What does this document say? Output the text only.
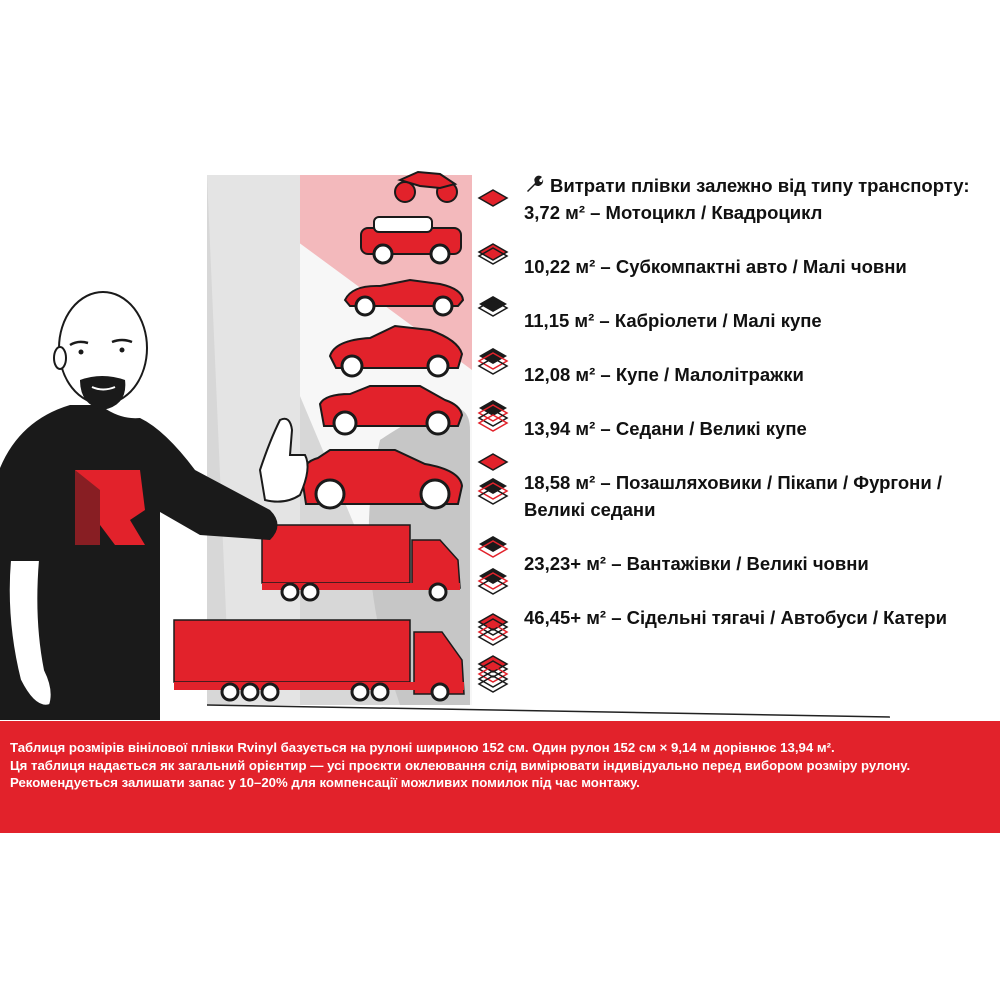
Витрати плівки залежно від типу транспорту:
3,72 м² – Мотоцикл / Квадроцикл
10,22 м² – Субкомпактні авто / Малі човни
11,15 м² – Кабріолети / Малі купе
12,08 м² – Купе / Малолітражки
13,94 м² – Седани / Великі купе
18,58 м² – Позашляховики / Пікапи / Фургони / Великі седани
23,23+ м² – Вантажівки / Великі човни
46,45+ м² – Сідельні тягачі / Автобуси / Катери

Таблиця розмірів вінілової плівки Rvinyl базується на рулоні шириною 152 см. Один рулон 152 см × 9,14 м дорівнює 13,94 м².

Ця таблиця надається як загальний орієнтир — усі проєкти оклеювання слід вимірювати індивідуально перед вибором розміру рулону.

Рекомендується залишати запас у 10–20% для компенсації можливих помилок під час монтажу.
